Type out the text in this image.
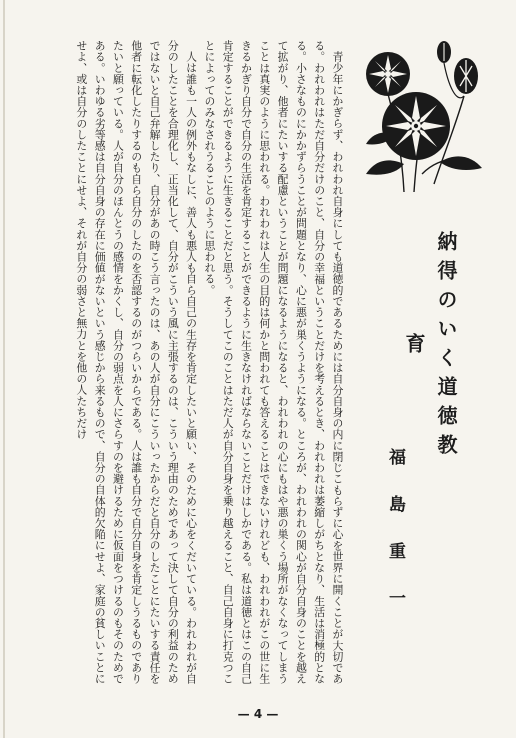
青少年にかぎらず、われわれ自身にしても道徳的であるためには自分自身の内に閉じこもらずに心を世界に開くことが大切である。われわれはただ自分だけのこと、自分の幸福ということだけを考えるとき、われわれは萎縮しがちとなり、生活は消極的となる。小さなものにかかずらうことが問題となり、心に悪が巣くうようになる。ところが、われわれの関心が自分自身のことを越えて拡がり、他者にたいする配慮ということが問題になるようになると、われわれの心にもはや悪の巣くう場所がなくなってしまうことは真実のように思われる。われわれは人生の目的は何かと問われても答えることはできないけれども、われわれがこの世に生きるかぎり自分で自分の生活を肯定することができるように生きなければならないことだけはしかである。私は道徳とはこの自己肯定することができるように生きることだと思う。そうしてこのことはただ人が自分自身を乗り越えること、自己自身に打克つことによってのみなされうることのように思われる。

人は誰も一人の例外もなしに、善人も悪人も自ら自己の生存を肯定したいと願い、そのために心をくだいている。われわれが自分のしたことを合理化し、正当化して、自分がこういう風に主張するのは、こういう理由のためであって決して自分の利益のためではないと自己弁解したり、自分があの時こう言ったのは、あの人が自分にこういったからだと自分のしたことにたいする責任を他者に転化したりするのも自ら自分のしたのを否認するのがつらいからである。人は誰も自分で自分自身を肯定しうるものでありたいと願っている。人が自分のほんとうの感情をかくし、自分の弱点を人にさらすのを避けるために仮面をつけるのもそのためである。いわゆる劣等感は自分自身の存在に価値がないという感じから来るもので、自分の自体的欠陥にせよ、家庭の貧しいことにせよ、或は自分のしたことにせよ、それが自分の弱さと無力とを他の人たちだけ	納得のいく道徳教育
福島重一
— 4 —
